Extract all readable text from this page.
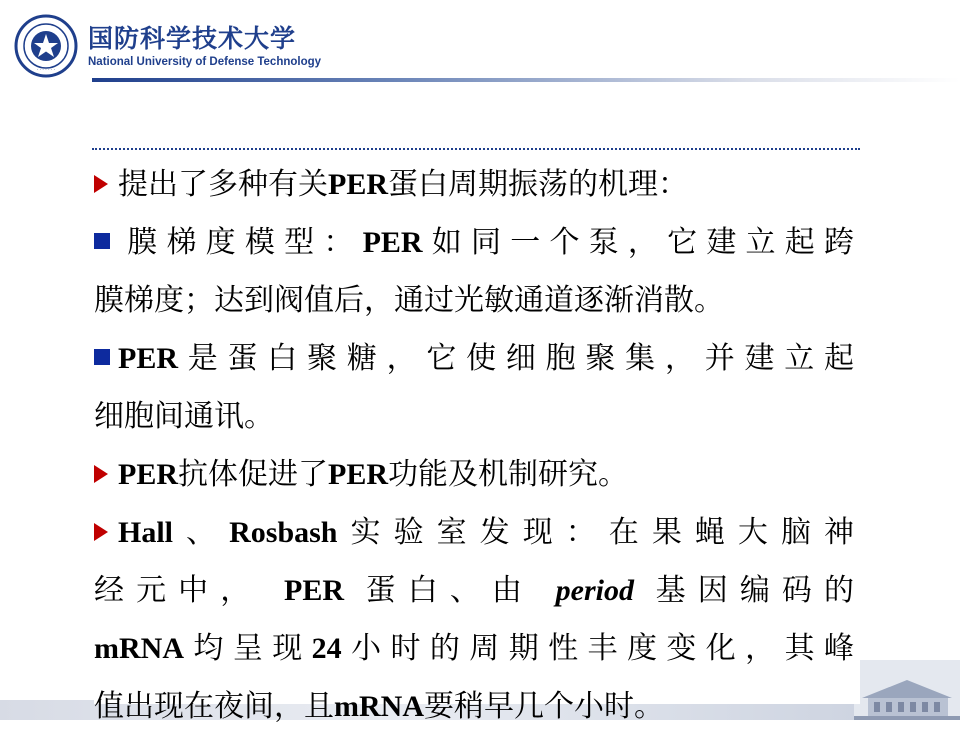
· · · · ·
· · · · · · ·
国防科学技术大学
National University of Defense Technology
提出了多种有关PER蛋白周期振荡的机理：
膜梯度模型：PER如同一个泵，它建立起跨
膜梯度；达到阀值后，通过光敏通道逐渐消散。
PER是蛋白聚糖，它使细胞聚集，并建立起
细胞间通讯。
PER抗体促进了PER功能及机制研究。
Hall、Rosbash实验室发现：在果蝇大脑神
经元中， PER 蛋白、由 period 基因编码的
mRNA均呈现24小时的周期性丰度变化，其峰
值出现在夜间，且mRNA要稍早几个小时。
